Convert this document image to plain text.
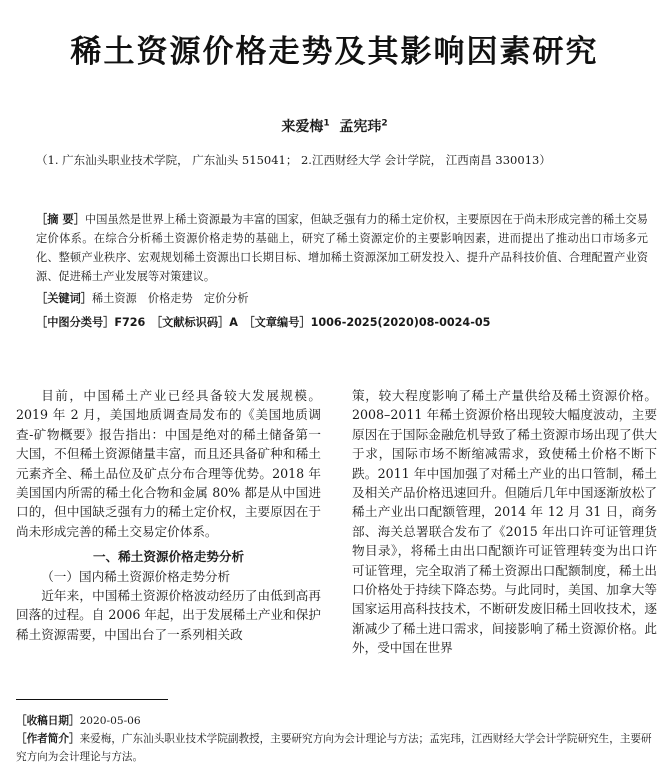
稀土资源价格走势及其影响因素研究
来爱梅$^1$ 孟宪玮$^2$
（1. 广东汕头职业技术学院， 广东汕头 515041； 2.江西财经大学 会计学院， 江西南昌 330013）
［摘 要］中国虽然是世界上稀土资源最为丰富的国家，但缺乏强有力的稀土定价权，主要原因在于尚未形成完善的稀土交易定价体系。在综合分析稀土资源价格走势的基础上，研究了稀土资源定价的主要影响因素，进而提出了推动出口市场多元化、整顿产业秩序、宏观规划稀土资源出口长期目标、增加稀土资源深加工研发投入、提升产品科技价值、合理配置产业资源、促进稀土产业发展等对策建议。
［关键词］稀土资源　价格走势　定价分析
［中图分类号］F726　［文献标识码］A　［文章编号］1006-2025(2020)08-0024-05

目前，中国稀土产业已经具备较大发展规模。2019 年 2 月，美国地质调查局发布的《美国地质调查-矿物概要》报告指出：中国是绝对的稀土储备第一大国，不但稀土资源储量丰富，而且还具备矿种和稀土元素齐全、稀土品位及矿点分布合理等优势。2018 年美国国内所需的稀土化合物和金属 80% 都是从中国进口的，但中国缺乏强有力的稀土定价权，主要原因在于尚未形成完善的稀土交易定价体系。

一、稀土资源价格走势分析

（一）国内稀土资源价格走势分析

近年来，中国稀土资源价格波动经历了由低到高再回落的过程。自 2006 年起，出于发展稀土产业和保护稀土资源需要，中国出台了一系列相关政

策，较大程度影响了稀土产量供给及稀土资源价格。2008–2011 年稀土资源价格出现较大幅度波动，主要原因在于国际金融危机导致了稀土资源市场出现了供大于求，国际市场不断缩减需求，致使稀土价格不断下跌。2011 年中国加强了对稀土产业的出口管制，稀土及相关产品价格迅速回升。但随后几年中国逐渐放松了稀土产业出口配额管理，2014 年 12 月 31 日，商务部、海关总署联合发布了《2015 年出口许可证管理货物目录》，将稀土由出口配额许可证管理转变为出口许可证管理，完全取消了稀土资源出口配额制度，稀土出口价格处于持续下降态势。与此同时，美国、加拿大等国家运用高科技技术，不断研发废旧稀土回收技术，逐渐减少了稀土进口需求，间接影响了稀土资源价格。此外，受中国在世界

［收稿日期］2020-05-06
［作者简介］来爱梅，广东汕头职业技术学院副教授，主要研究方向为会计理论与方法；孟宪玮，江西财经大学会计学院研究生，主要研究方向为会计理论与方法。
